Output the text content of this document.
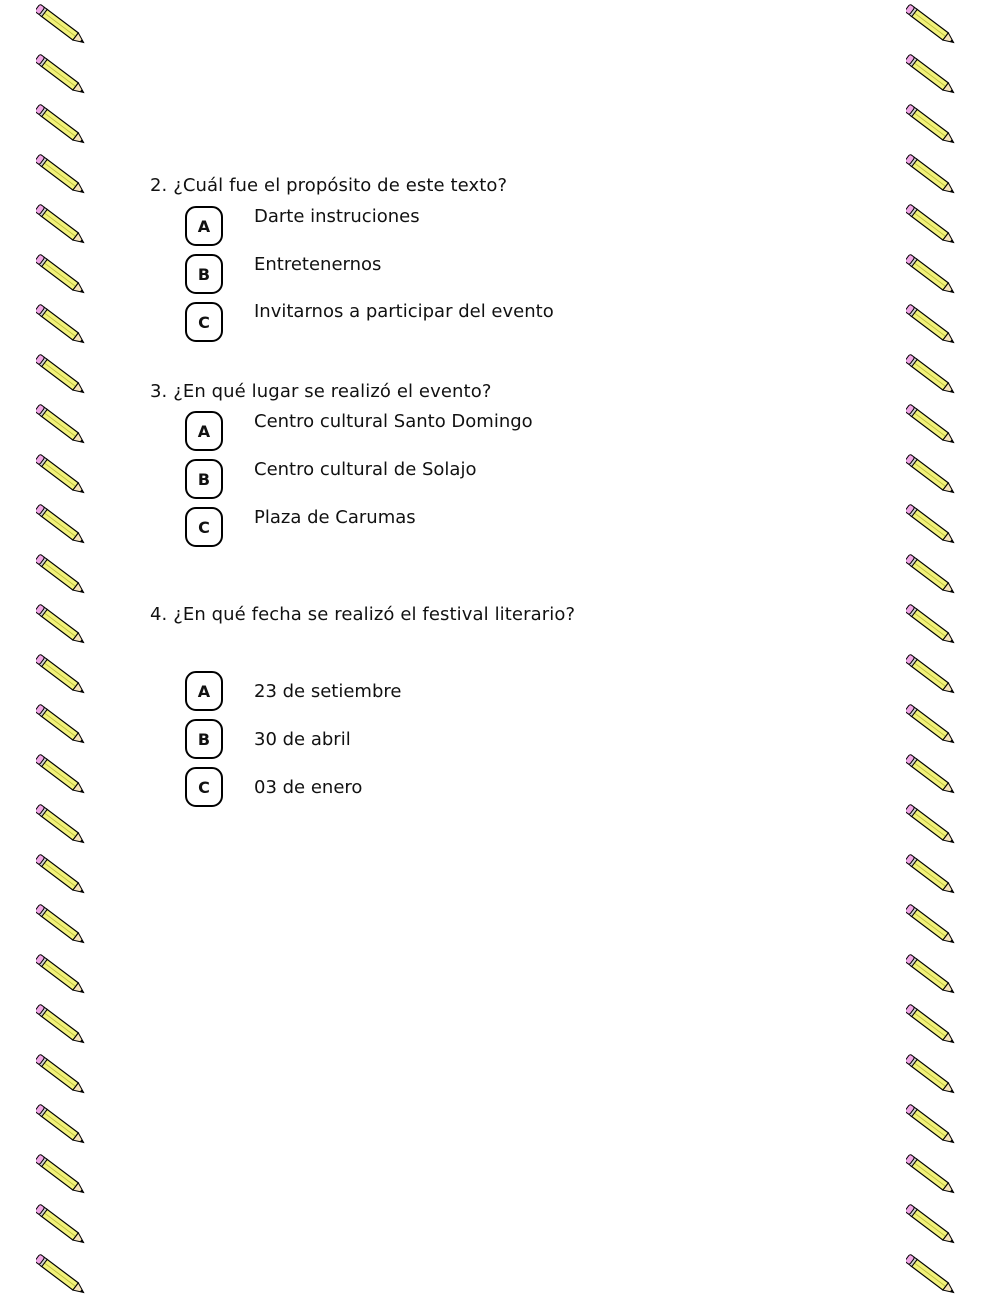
2. ¿Cuál fue el propósito de este texto?
A	Darte instruciones
B	Entretenernos
C	Invitarnos a participar del evento
3. ¿En qué lugar se realizó el evento?
A	Centro cultural Santo Domingo
B	Centro cultural de Solajo
C	Plaza de Carumas
4. ¿En qué fecha se realizó el festival literario?
A	23 de setiembre
B	30 de abril
C	03 de enero
